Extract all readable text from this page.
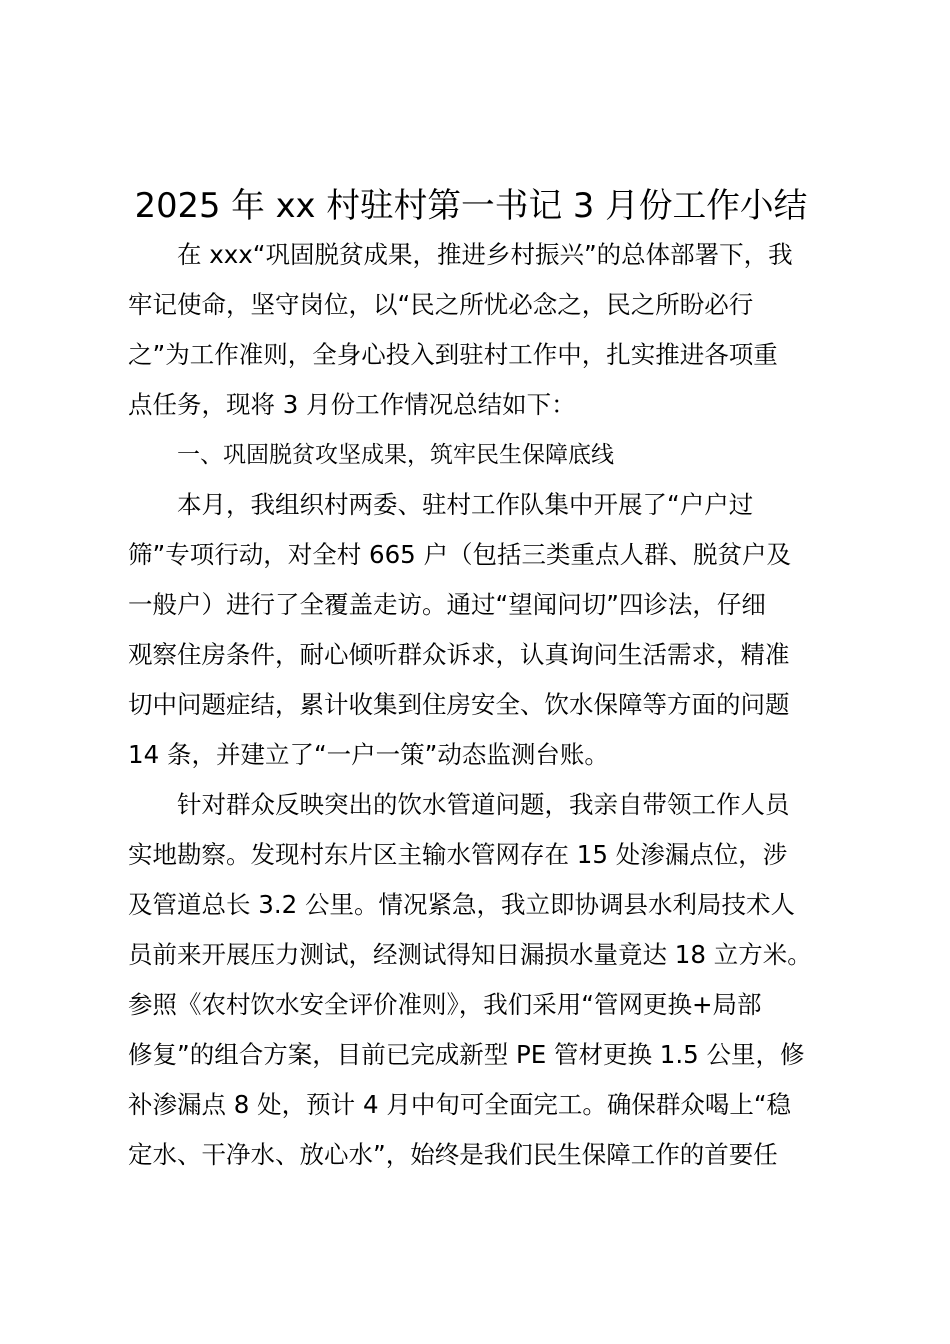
2025 年 xx 村驻村第一书记 3 月份工作小结
在 xxx“巩固脱贫成果，推进乡村振兴”的总体部署下，我
牢记使命，坚守岗位，以“民之所忧必念之，民之所盼必行
之”为工作准则，全身心投入到驻村工作中，扎实推进各项重
点任务，现将 3 月份工作情况总结如下：
一、巩固脱贫攻坚成果，筑牢民生保障底线
本月，我组织村两委、驻村工作队集中开展了“户户过
筛”专项行动，对全村 665 户（包括三类重点人群、脱贫户及
一般户）进行了全覆盖走访。通过“望闻问切”四诊法，仔细
观察住房条件，耐心倾听群众诉求，认真询问生活需求，精准
切中问题症结，累计收集到住房安全、饮水保障等方面的问题
14 条，并建立了“一户一策”动态监测台账。
针对群众反映突出的饮水管道问题，我亲自带领工作人员
实地勘察。发现村东片区主输水管网存在 15 处渗漏点位，涉
及管道总长 3.2 公里。情况紧急，我立即协调县水利局技术人
员前来开展压力测试，经测试得知日漏损水量竟达 18 立方米。
参照《农村饮水安全评价准则》，我们采用“管网更换+局部
修复”的组合方案，目前已完成新型 PE 管材更换 1.5 公里，修
补渗漏点 8 处，预计 4 月中旬可全面完工。确保群众喝上“稳
定水、干净水、放心水”，始终是我们民生保障工作的首要任
